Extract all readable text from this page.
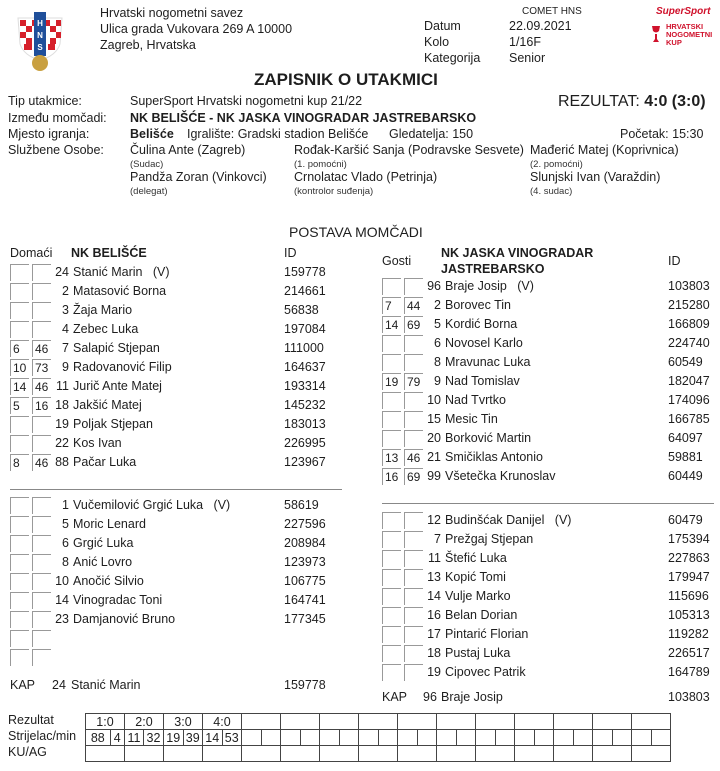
H
N
S
Hrvatski nogometni savez
Ulica grada Vukovara 269 A 10000
Zagreb, Hrvatska
COMET HNS
Datum	22.09.2021
Kolo	1/16F
Kategorija Senior
SuperSport
HRVATSKI
NOGOMETNI
KUP
ZAPISNIK O UTAKMICI
Tip utakmice:	SuperSport Hrvatski nogometni kup 21/22	REZULTAT: 4:0 (3:0)
Između momčadi: NK BELIŠĆE - NK JASKA VINOGRADAR JASTREBARSKO
Mjesto igranja:	Belišće Igralište: Gradski stadion Belišće Gledatelja: 150	Početak: 15:30
Službene Osobe: Čulina Ante (Zagreb)
(Sudac)
Rođak-Karšić Sanja (Podravske Sesvete)
(1. pomoćni)
Mađerić Matej (Koprivnica)
(2. pomoćni)
Pandža Zoran (Vinkovci)
(delegat)
Crnolatac Vlado (Petrinja)
(kontrolor suđenja)
Slunjski Ivan (Varaždin)
(4. sudac)
POSTAVA MOMČADI
Domaći NK BELIŠĆE	ID
Gosti
NK JASKA VINOGRADAR
JASTREBARSKO
ID
24 Stanić Marin   (V)	159778
2 Matasović Borna	214661
3 Žaja Mario	56838
4 Zebec Luka	197084
6	46	7 Salapić Stjepan	111000
10 73	9 Radovanović Filip	164637
14 46 11 Jurič Ante Matej	193314
5	16 18 Jakšić Matej	145232
19 Poljak Stjepan	183013
22 Kos Ivan	226995
8	46 88 Pačar Luka	123967
1 Vučemilović Grgić Luka   (V)	58619
5 Moric Lenard	227596
6 Grgić Luka	208984
8 Anić Lovro	123973
10 Anočić Silvio	106775
14 Vinogradac Toni	164741
23 Damjanović Bruno	177345
96 Braje Josip   (V)	103803
7	44	2 Borovec Tin	215280
14 69	5 Kordić Borna	166809
6 Novosel Karlo	224740
8 Mravunac Luka	60549
19 79	9 Nad Tomislav	182047
10 Nad Tvrtko	174096
15 Mesic Tin	166785
20 Borković Martin	64097
13 46 21 Smičiklas Antonio	59881
16 69 99 Všetečka Krunoslav	60449
12 Budinšćak Danijel   (V)	60479
7 Prežgaj Stjepan	175394
11 Štefić Luka	227863
13 Kopić Tomi	179947
14 Vulje Marko	115696
16 Belan Dorian	105313
17 Pintarić Florian	119282
18 Pustaj Luka	226517
19 Cipovec Patrik	164789
KAP 24 Stanić Marin	159778
KAP 96 Braje Josip	103803
Rezultat
Strijelac/min
KU/AG
1:0		2:0		3:0		4:0																							
88	4	11	32	19	39	14	53																						
